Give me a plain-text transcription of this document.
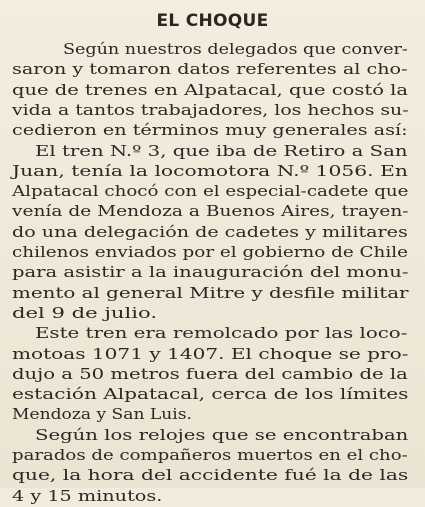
EL CHOQUE
Según nuestros delegados que conver-
saron y tomaron datos referentes al cho-
que de trenes en Alpatacal, que costó la
vida a tantos trabajadores, los hechos su-
cedieron en términos muy generales así:
El tren N.º 3, que iba de Retiro a San
Juan, tenía la locomotora N.º 1056. En
Alpatacal chocó con el especial-cadete que
venía de Mendoza a Buenos Aires, trayen-
do una delegación de cadetes y militares
chilenos enviados por el gobierno de Chile
para asistir a la inauguración del monu-
mento al general Mitre y desfile militar
del 9 de julio.
Este tren era remolcado por las loco-
motoas 1071 y 1407. El choque se pro-
dujo a 50 metros fuera del cambio de la
estación Alpatacal, cerca de los límites
Mendoza y San Luis.
Según los relojes que se encontraban
parados de compañeros muertos en el cho-
que, la hora del accidente fué la de las
4 y 15 minutos.
